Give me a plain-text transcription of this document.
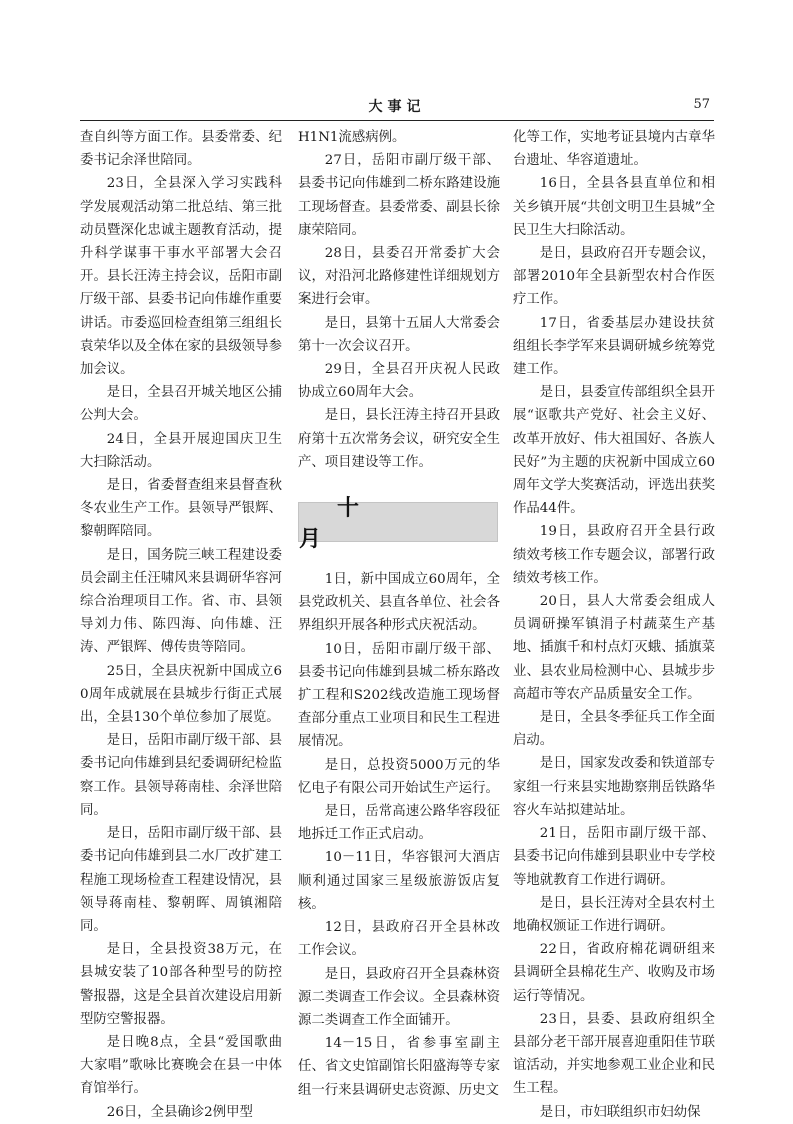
大事记	57

查自纠等方面工作。县委常委、纪委书记余泽世陪同。

23日，全县深入学习实践科学发展观活动第二批总结、第三批动员暨深化忠诚主题教育活动，提升科学谋事干事水平部署大会召开。县长汪涛主持会议，岳阳市副厅级干部、县委书记向伟雄作重要讲话。市委巡回检查组第三组组长袁荣华以及全体在家的县级领导参加会议。

是日，全县召开城关地区公捕公判大会。

24日，全县开展迎国庆卫生大扫除活动。

是日，省委督查组来县督查秋冬农业生产工作。县领导严银辉、黎朝晖陪同。

是日，国务院三峡工程建设委员会副主任汪啸风来县调研华容河综合治理项目工作。省、市、县领导刘力伟、陈四海、向伟雄、汪涛、严银辉、傅传贵等陪同。

25日，全县庆祝新中国成立60周年成就展在县城步行街正式展出，全县130个单位参加了展览。

是日，岳阳市副厅级干部、县委书记向伟雄到县纪委调研纪检监察工作。县领导蒋南桂、余泽世陪同。

是日，岳阳市副厅级干部、县委书记向伟雄到县二水厂改扩建工程施工现场检查工程建设情况，县领导蒋南桂、黎朝晖、周镇湘陪同。

是日，全县投资38万元，在县城安装了10部各种型号的防控警报器，这是全县首次建设启用新型防空警报器。

是日晚8点，全县“爱国歌曲大家唱”歌咏比赛晚会在县一中体育馆举行。

26日，全县确诊2例甲型

H1N1流感病例。

27日，岳阳市副厅级干部、县委书记向伟雄到二桥东路建设施工现场督查。县委常委、副县长徐康荣陪同。

28日，县委召开常委扩大会议，对沿河北路修建性详细规划方案进行会审。

是日，县第十五届人大常委会第十一次会议召开。

29日，全县召开庆祝人民政协成立60周年大会。

是日，县长汪涛主持召开县政府第十五次常务会议，研究安全生产、项目建设等工作。

十 月

1日，新中国成立60周年，全县党政机关、县直各单位、社会各界组织开展各种形式庆祝活动。

10日，岳阳市副厅级干部、县委书记向伟雄到县城二桥东路改扩工程和S202线改造施工现场督查部分重点工业项目和民生工程进展情况。

是日，总投资5000万元的华忆电子有限公司开始试生产运行。

是日，岳常高速公路华容段征地拆迁工作正式启动。

10－11日，华容银河大酒店顺利通过国家三星级旅游饭店复核。

12日，县政府召开全县林改工作会议。

是日，县政府召开全县森林资源二类调查工作会议。全县森林资源二类调查工作全面铺开。

14－15日，省参事室副主任、省文史馆副馆长阳盛海等专家组一行来县调研史志资源、历史文

化等工作，实地考证县境内古章华台遗址、华容道遗址。

16日，全县各县直单位和相关乡镇开展“共创文明卫生县城”全民卫生大扫除活动。

是日，县政府召开专题会议，部署2010年全县新型农村合作医疗工作。

17日，省委基层办建设扶贫组组长李学军来县调研城乡统筹党建工作。

是日，县委宣传部组织全县开展“讴歌共产党好、社会主义好、改革开放好、伟大祖国好、各族人民好”为主题的庆祝新中国成立60周年文学大奖赛活动，评选出获奖作品44件。

19日，县政府召开全县行政绩效考核工作专题会议，部署行政绩效考核工作。

20日，县人大常委会组成人员调研操军镇涓子村蔬菜生产基地、插旗千和村点灯灭蛾、插旗菜业、县农业局检测中心、县城步步高超市等农产品质量安全工作。

是日，全县冬季征兵工作全面启动。

是日，国家发改委和铁道部专家组一行来县实地勘察荆岳铁路华容火车站拟建站址。

21日，岳阳市副厅级干部、县委书记向伟雄到县职业中专学校等地就教育工作进行调研。

是日，县长汪涛对全县农村土地确权颁证工作进行调研。

22日，省政府棉花调研组来县调研全县棉花生产、收购及市场运行等情况。

23日，县委、县政府组织全县部分老干部开展喜迎重阳佳节联谊活动，并实地参观工业企业和民生工程。

是日，市妇联组织市妇幼保
